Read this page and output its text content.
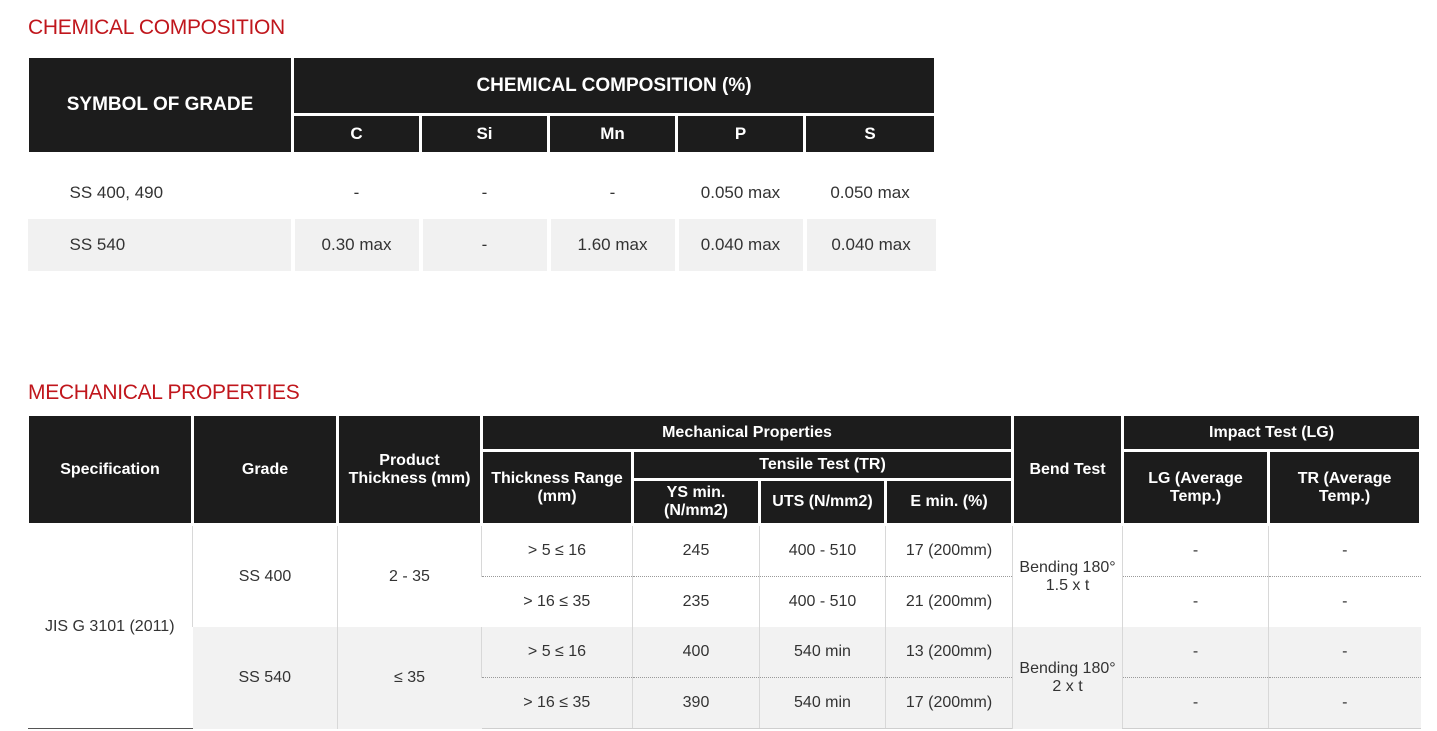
CHEMICAL COMPOSITION
SYMBOL OF GRADE	CHEMICAL COMPOSITION (%)				
	C	Si	Mn	P	S

SS 400, 490	-	-	-	0.050 max	0.050 max
SS 540	0.30 max	-	1.60 max	0.040 max	0.040 max
MECHANICAL PROPERTIES
Specification	Grade	Product Thickness (mm)	Mechanical Properties				Bend Test	Impact Test (LG)	
			Thickness Range (mm)	Tensile Test (TR)				LG (Average Temp.)	TR (Average Temp.)
				YS min. (N/mm2)	UTS (N/mm2)	E min. (%)			
JIS G 3101 (2011)	SS 400	2 - 35	> 5 ≤ 16	245	400 - 510	17 (200mm)	Bending 180° 1.5 x t	-	-
			> 16 ≤ 35	235	400 - 510	21 (200mm)		-	-
	SS 540	≤ 35	> 5 ≤ 16	400	540 min	13 (200mm)	Bending 180° 2 x t	-	-
			> 16 ≤ 35	390	540 min	17 (200mm)		-	-
